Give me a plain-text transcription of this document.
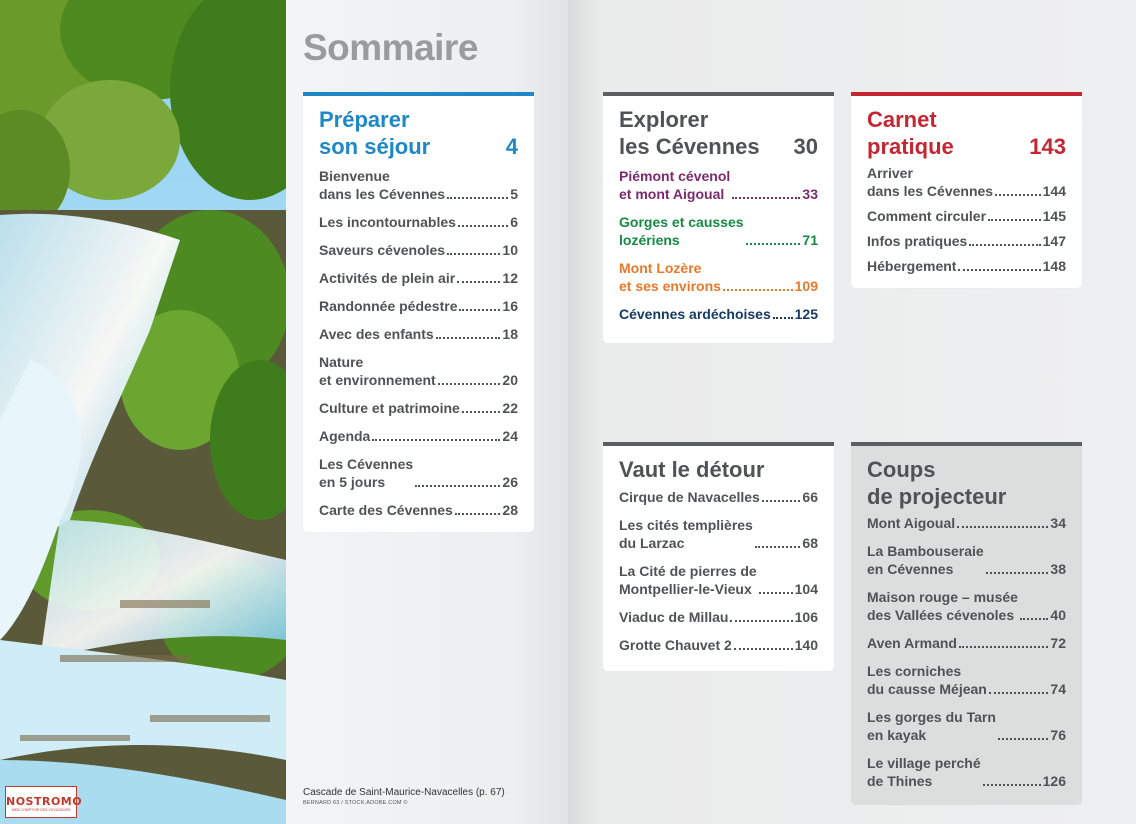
NOSTROMO
WEB COMPTOIR DES VOYAGEURS
Sommaire
Préparer
son séjour	4
Bienvenue
dans les Cévennes	5
Les incontournables	6
Saveurs cévenoles	10
Activités de plein air	12
Randonnée pédestre	16
Avec des enfants	18
Nature
et environnement	20
Culture et patrimoine	22
Agenda	24
Les Cévennes
en 5 jours	26
Carte des Cévennes	28
Explorer
les Cévennes 30
Piémont cévenol
et mont Aigoual	33
Gorges et causses
lozériens	71
Mont Lozère
et ses environs	109
Cévennes ardéchoises 125
Carnet
pratique	143
Arriver
dans les Cévennes	144
Comment circuler	145
Infos pratiques	147
Hébergement	148
Vaut le détour
Cirque de Navacelles	66
Les cités templières
du Larzac	68
La Cité de pierres de
Montpellier-le-Vieux	104
Viaduc de Millau	106
Grotte Chauvet 2	140
Coups
de projecteur
Mont Aigoual	34
La Bambouseraie
en Cévennes	38
Maison rouge – musée
des Vallées cévenoles	40
Aven Armand	72
Les corniches
du causse Méjean	74
Les gorges du Tarn
en kayak	76
Le village perché
de Thines	126
Cascade de Saint-Maurice-Navacelles (p. 67)
BERNARD 63 / STOCK.ADOBE.COM ©
